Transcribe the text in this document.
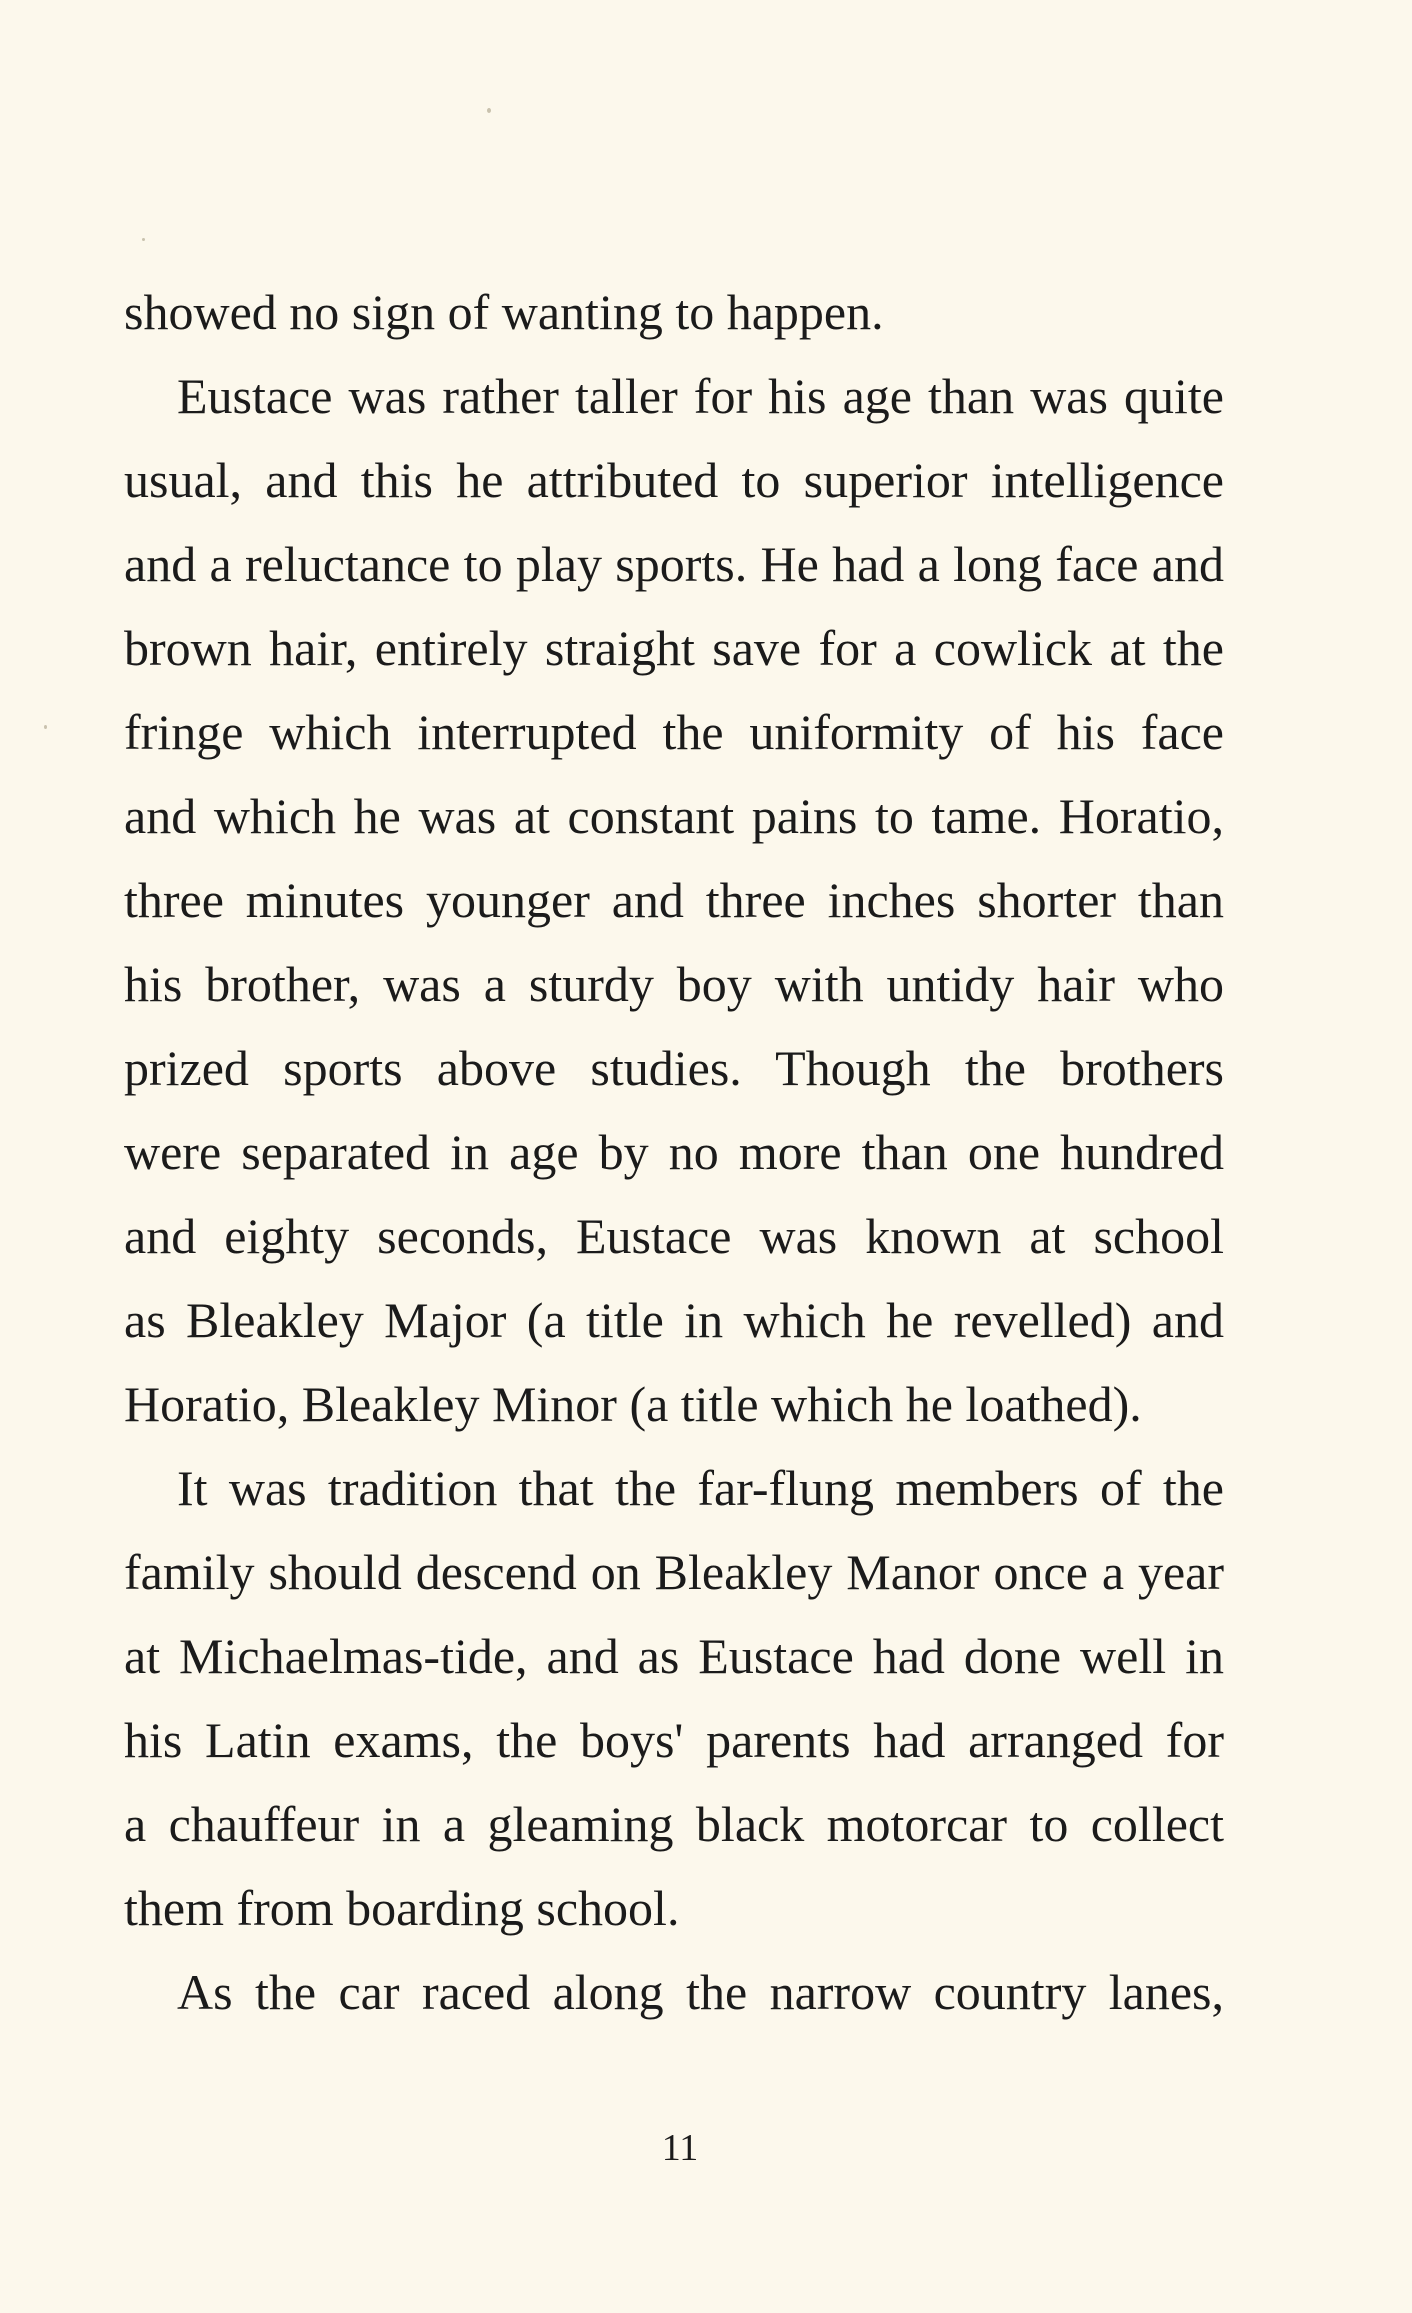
showed no sign of wanting to happen.
Eustace was rather taller for his age than was quite
usual, and this he attributed to superior intelligence
and a reluctance to play sports. He had a long face and
brown hair, entirely straight save for a cowlick at the
fringe which interrupted the uniformity of his face
and which he was at constant pains to tame. Horatio,
three minutes younger and three inches shorter than
his brother, was a sturdy boy with untidy hair who
prized sports above studies. Though the brothers
were separated in age by no more than one hundred
and eighty seconds, Eustace was known at school
as Bleakley Major (a title in which he revelled) and
Horatio, Bleakley Minor (a title which he loathed).
It was tradition that the far-flung members of the
family should descend on Bleakley Manor once a year
at Michaelmas-tide, and as Eustace had done well in
his Latin exams, the boys' parents had arranged for
a chauffeur in a gleaming black motorcar to collect
them from boarding school.
As the car raced along the narrow country lanes,
11
